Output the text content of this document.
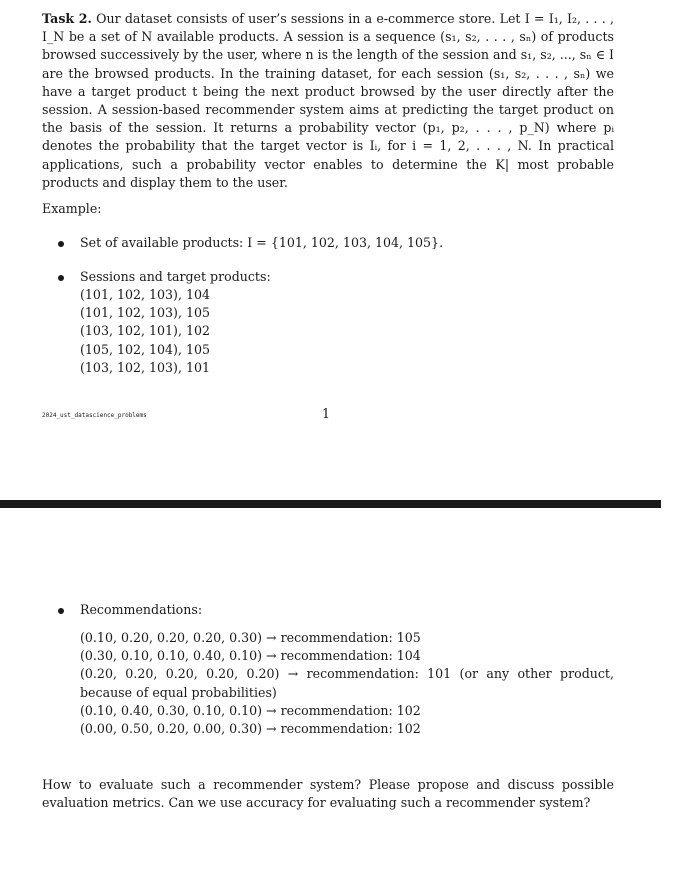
Task 2. Our dataset consists of user’s sessions in a e-commerce store. Let I = I₁, I₂, . . . , I_N be a set of N available products. A session is a sequence (s₁, s₂, . . . , sₙ) of products browsed successively by the user, where n is the length of the session and s₁, s₂, ..., sₙ ∈ I are the browsed products. In the training dataset, for each session (s₁, s₂, . . . , sₙ) we have a target product t being the next product browsed by the user directly after the session. A session-based recommender system aims at predicting the target product on the basis of the session. It returns a probability vector (p₁, p₂, . . . , p_N) where pᵢ denotes the probability that the target vector is Iᵢ, for i = 1, 2, . . . , N. In practical applications, such a probability vector enables to determine the K| most probable products and display them to the user.
Example:
Set of available products: I = {101, 102, 103, 104, 105}.
Sessions and target products:
(101, 102, 103), 104
(101, 102, 103), 105
(103, 102, 101), 102
(105, 102, 104), 105
(103, 102, 103), 101
2024_ust_datascience_problems	1
Recommendations:
(0.10, 0.20, 0.20, 0.20, 0.30) → recommendation: 105
(0.30, 0.10, 0.10, 0.40, 0.10) → recommendation: 104
(0.20, 0.20, 0.20, 0.20, 0.20) → recommendation: 101 (or any other product, because of equal probabilities)
(0.10, 0.40, 0.30, 0.10, 0.10) → recommendation: 102
(0.00, 0.50, 0.20, 0.00, 0.30) → recommendation: 102
How to evaluate such a recommender system? Please propose and discuss possible evaluation metrics. Can we use accuracy for evaluating such a recommender system?
